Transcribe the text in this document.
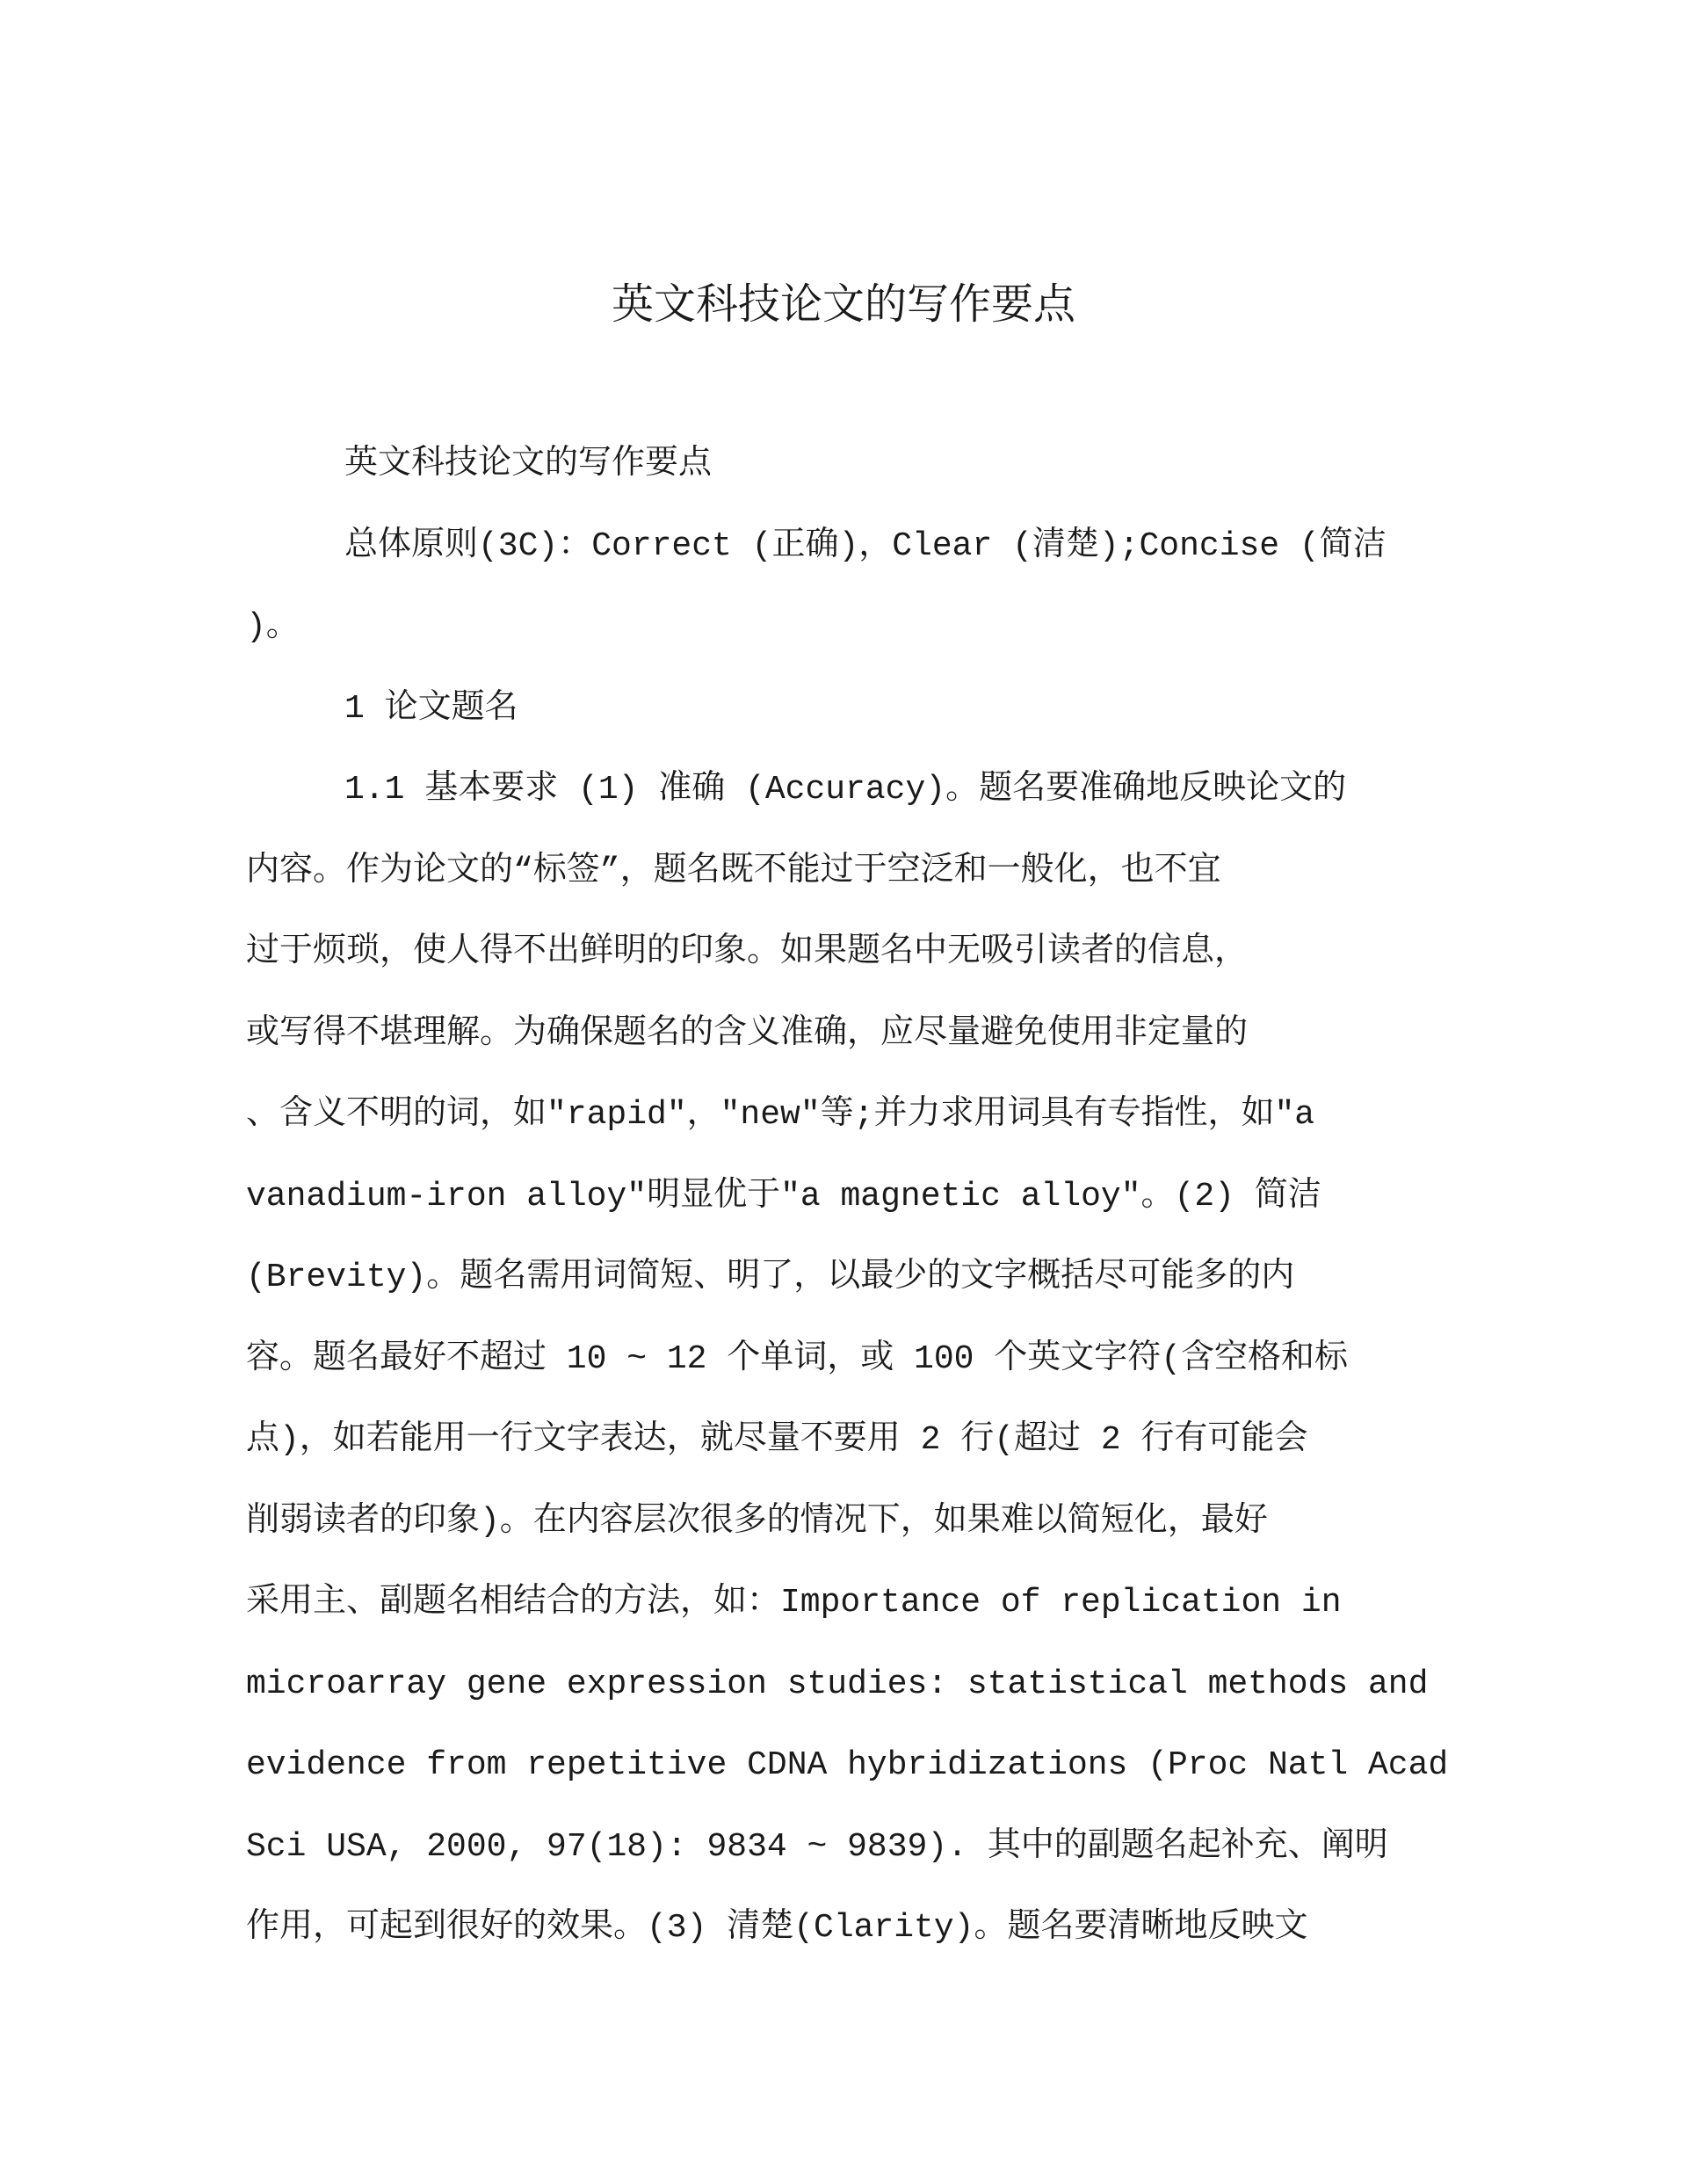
英文科技论文的写作要点
英文科技论文的写作要点
总体原则(3C)：Correct (正确)，Clear (清楚);Concise (简洁
)。
1 论文题名
1.1 基本要求 (1) 准确 (Accuracy)。题名要准确地反映论文的
内容。作为论文的“标签”，题名既不能过于空泛和一般化，也不宜
过于烦琐，使人得不出鲜明的印象。如果题名中无吸引读者的信息，
或写得不堪理解。为确保题名的含义准确，应尽量避免使用非定量的
、含义不明的词，如"rapid"，"new"等;并力求用词具有专指性，如"a
vanadium-iron alloy"明显优于"a magnetic alloy"。(2) 简洁
(Brevity)。题名需用词简短、明了，以最少的文字概括尽可能多的内
容。题名最好不超过 10 ~ 12 个单词，或 100 个英文字符(含空格和标
点)，如若能用一行文字表达，就尽量不要用 2 行(超过 2 行有可能会
削弱读者的印象)。在内容层次很多的情况下，如果难以简短化，最好
采用主、副题名相结合的方法，如：Importance of replication in
microarray gene expression studies: statistical methods and
evidence from repetitive CDNA hybridizations (Proc Natl Acad
Sci USA, 2000, 97(18): 9834 ~ 9839). 其中的副题名起补充、阐明
作用，可起到很好的效果。(3) 清楚(Clarity)。题名要清晰地反映文
